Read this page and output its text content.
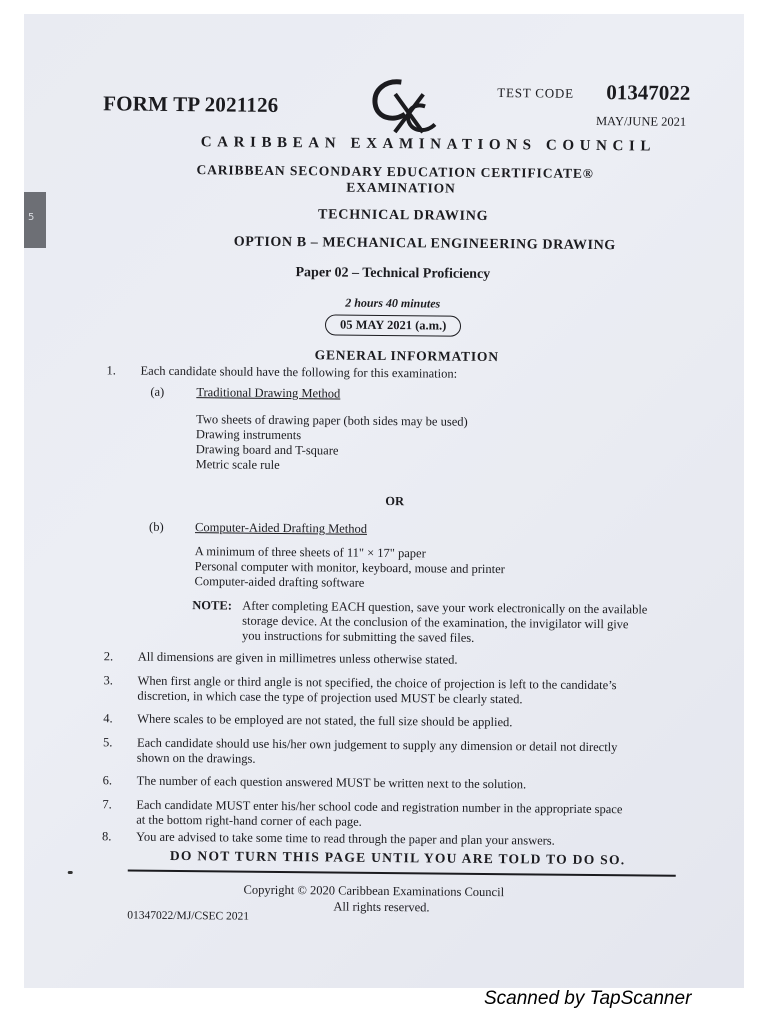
5
FORM TP 2021126	TEST CODE 01347022
MAY/JUNE 2021
CARIBBEAN EXAMINATIONS COUNCIL
CARIBBEAN SECONDARY EDUCATION CERTIFICATE®
EXAMINATION
TECHNICAL DRAWING
OPTION B – MECHANICAL ENGINEERING DRAWING
Paper 02 – Technical Proficiency
2 hours 40 minutes
05 MAY 2021 (a.m.)
GENERAL INFORMATION
1. Each candidate should have the following for this examination:
(a)	Traditional Drawing Method
Two sheets of drawing paper (both sides may be used)
Drawing instruments
Drawing board and T-square
Metric scale rule
OR
(b)	Computer-Aided Drafting Method
A minimum of three sheets of 11" × 17" paper
Personal computer with monitor, keyboard, mouse and printer
Computer-aided drafting software
NOTE: After completing EACH question, save your work electronically on the available
storage device. At the conclusion of the examination, the invigilator will give
you instructions for submitting the saved files.
2. All dimensions are given in millimetres unless otherwise stated.
3. When first angle or third angle is not specified, the choice of projection is left to the candidate’s
discretion, in which case the type of projection used MUST be clearly stated.
4. Where scales to be employed are not stated, the full size should be applied.
5. Each candidate should use his/her own judgement to supply any dimension or detail not directly
shown on the drawings.
6. The number of each question answered MUST be written next to the solution.
7. Each candidate MUST enter his/her school code and registration number in the appropriate space
at the bottom right-hand corner of each page.
8. You are advised to take some time to read through the paper and plan your answers.
DO NOT TURN THIS PAGE UNTIL YOU ARE TOLD TO DO SO.
Copyright © 2020 Caribbean Examinations Council
All rights reserved.
01347022/MJ/CSEC 2021
Scanned by TapScanner
